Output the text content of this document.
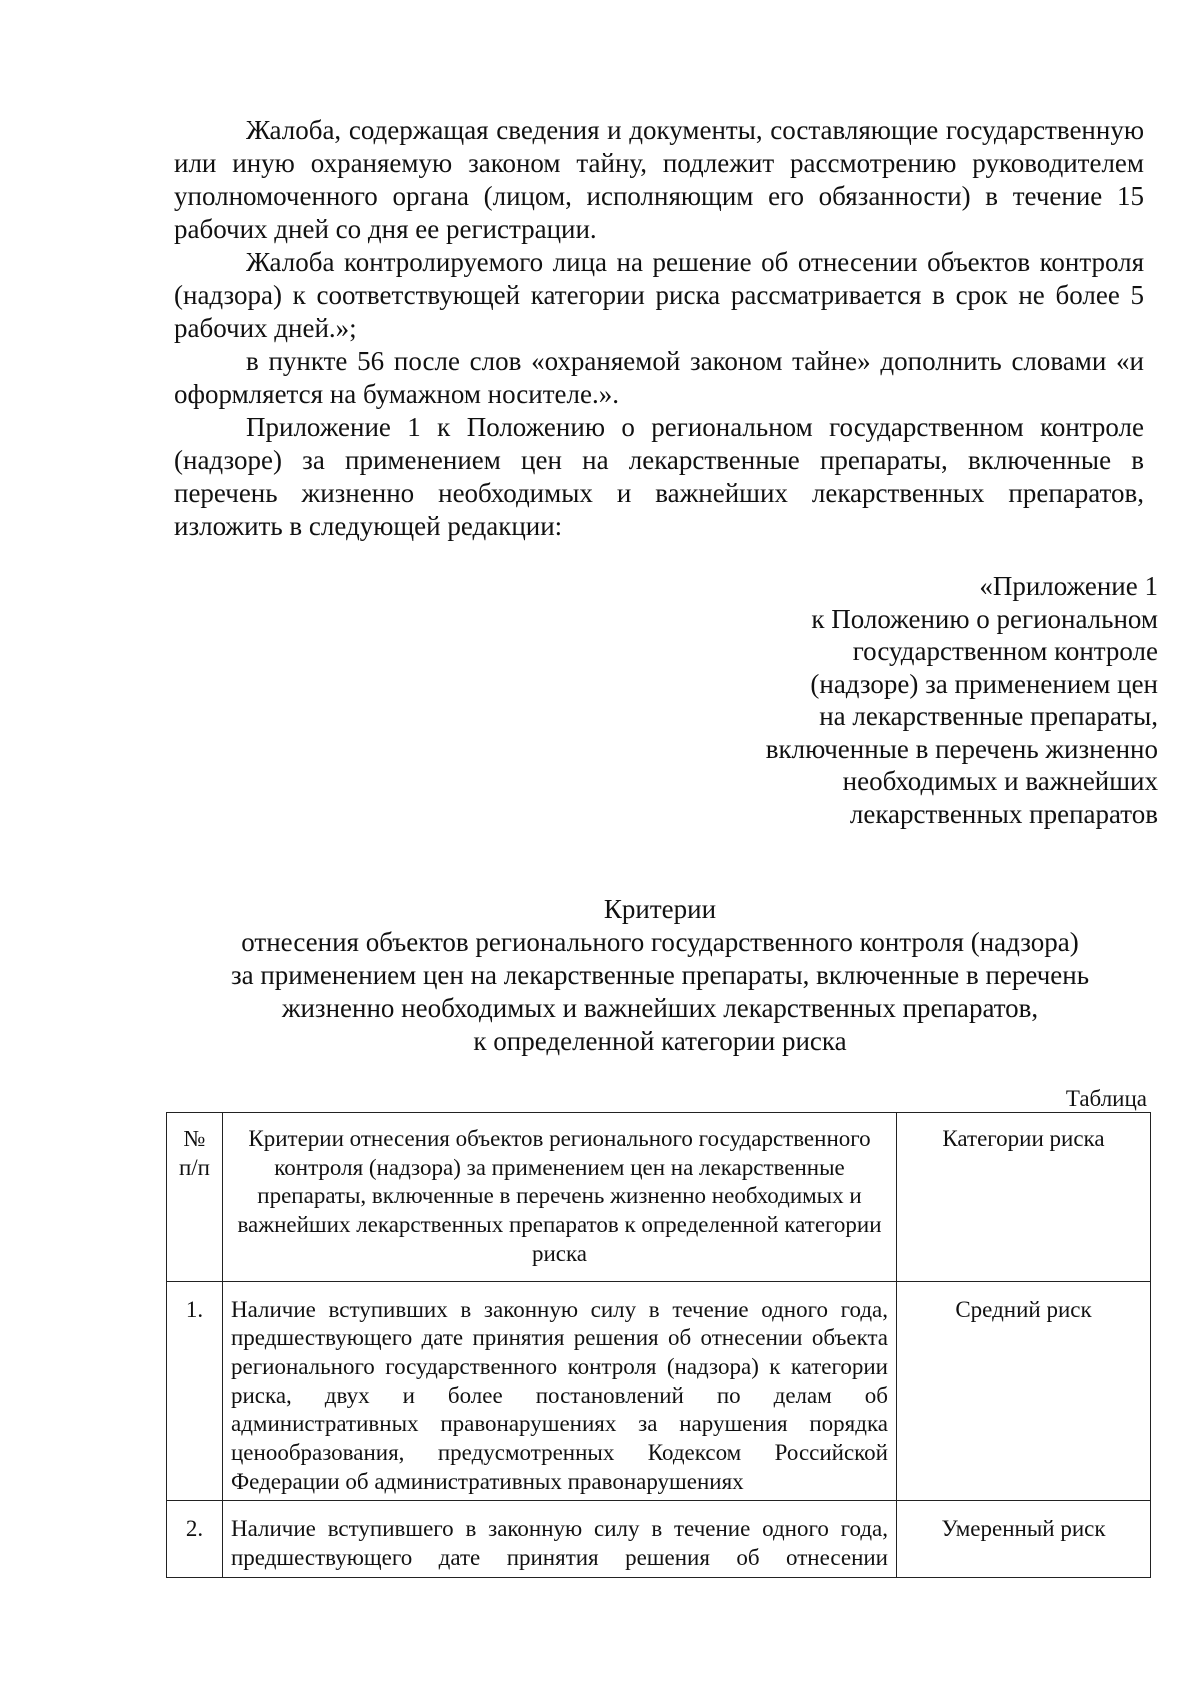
Жалоба, содержащая сведения и документы, составляющие государственную или иную охраняемую законом тайну, подлежит рассмотрению руководителем уполномоченного органа (лицом, исполняющим его обязанности) в течение 15 рабочих дней со дня ее регистрации.

Жалоба контролируемого лица на решение об отнесении объектов контроля (надзора) к соответствующей категории риска рассматривается в срок не более 5 рабочих дней.»;

в пункте 56 после слов «охраняемой законом тайне» дополнить словами «и оформляется на бумажном носителе.».

Приложение 1 к Положению о региональном государственном контроле (надзоре) за применением цен на лекарственные препараты, включенные в перечень жизненно необходимых и важнейших лекарственных препаратов, изложить в следующей редакции:

«Приложение 1
к Положению о региональном
государственном контроле
(надзоре) за применением цен
на лекарственные препараты,
включенные в перечень жизненно
необходимых и важнейших
лекарственных препаратов
Критерии
отнесения объектов регионального государственного контроля (надзора)
за применением цен на лекарственные препараты, включенные в перечень
жизненно необходимых и важнейших лекарственных препаратов,
к определенной категории риска
Таблица
№ п/п	Критерии отнесения объектов регионального государственного контроля (надзора) за применением цен на лекарственные препараты, включенные в перечень жизненно необходимых и важнейших лекарственных препаратов к определенной категории риска	Категории риска
1.	Наличие вступивших в законную силу в течение одного года, предшествующего дате принятия решения об отнесении объекта регионального государственного контроля (надзора) к категории риска, двух и более постановлений по делам об административных правонарушениях за нарушения порядка ценообразования, предусмотренных Кодексом Российской Федерации об административных правонарушениях	Средний риск
2.	Наличие вступившего в законную силу в течение одного года, предшествующего дате принятия решения об отнесении	Умеренный риск
